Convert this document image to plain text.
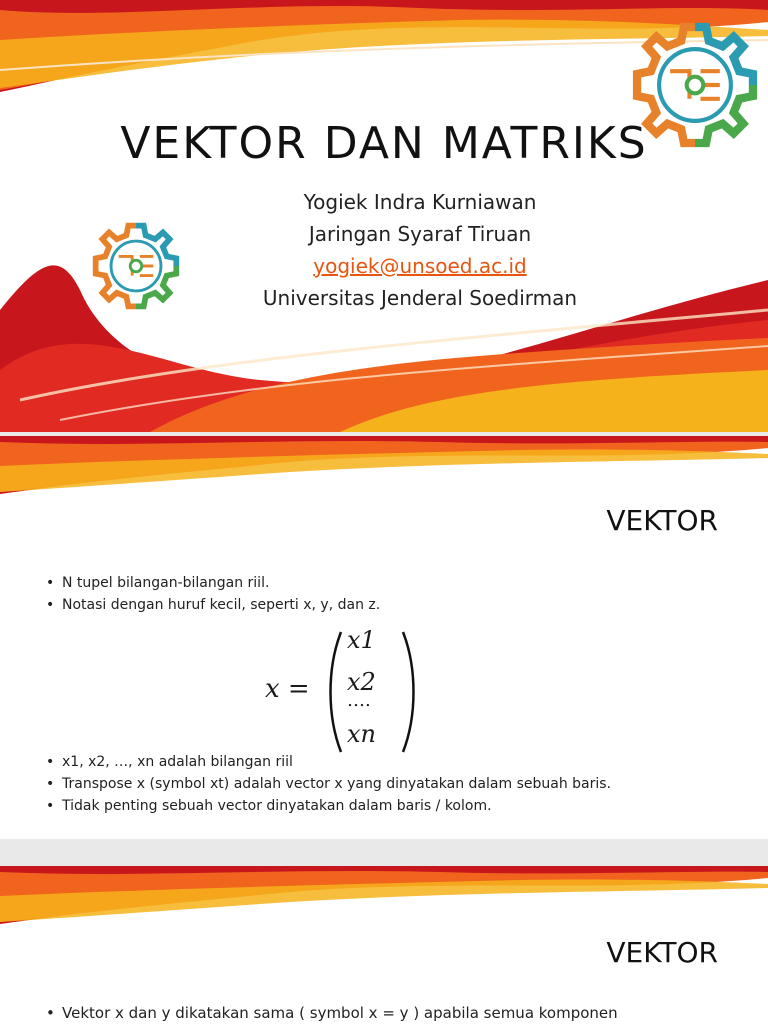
VEKTOR DAN MATRIKS
Yogiek Indra Kurniawan
Jaringan Syaraf Tiruan
yogiek@unsoed.ac.id
Universitas Jenderal Soedirman
VEKTOR
• N tupel bilangan-bilangan riil.
• Notasi dengan huruf kecil, seperti x, y, dan z.
x =
x1
x2
….
xn
• x1, x2, …, xn adalah bilangan riil
• Transpose x (symbol xt) adalah vector x yang dinyatakan dalam sebuah baris.
• Tidak penting sebuah vector dinyatakan dalam baris / kolom.
VEKTOR
• Vektor x dan y dikatakan sama ( symbol x = y ) apabila semua komponen
